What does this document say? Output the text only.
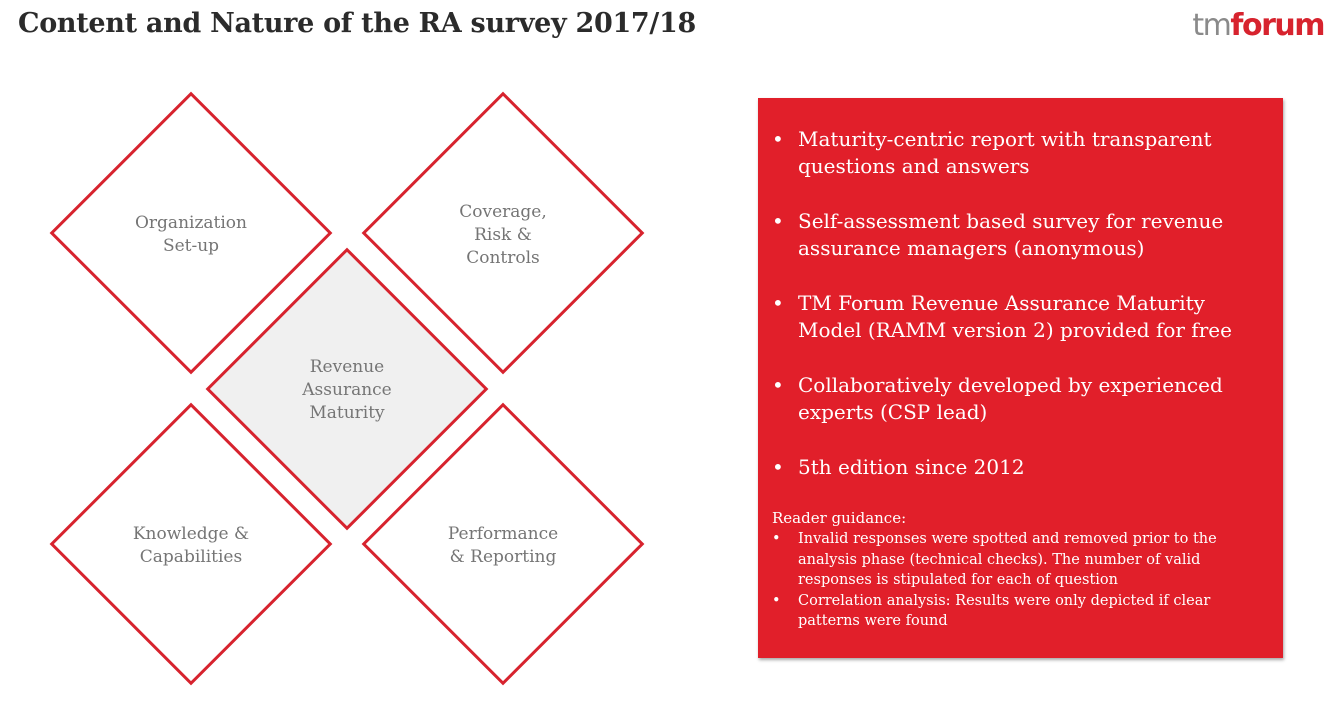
Content and Nature of the RA survey 2017/18	tmforum
Organization
Set-up
Coverage,
Risk &
Controls
Revenue
Assurance
Maturity
Knowledge &
Capabilities
Performance
& Reporting
• Maturity-centric report with transparent questions and answers
• Self-assessment based survey for revenue assurance managers (anonymous)
• TM Forum Revenue Assurance Maturity Model (RAMM version 2) provided for free
• Collaboratively developed by experienced experts (CSP lead)
• 5th edition since 2012
Reader guidance:
• Invalid responses were spotted and removed prior to the analysis phase (technical checks). The number of valid responses is stipulated for each of question
• Correlation analysis: Results were only depicted if clear patterns were found
